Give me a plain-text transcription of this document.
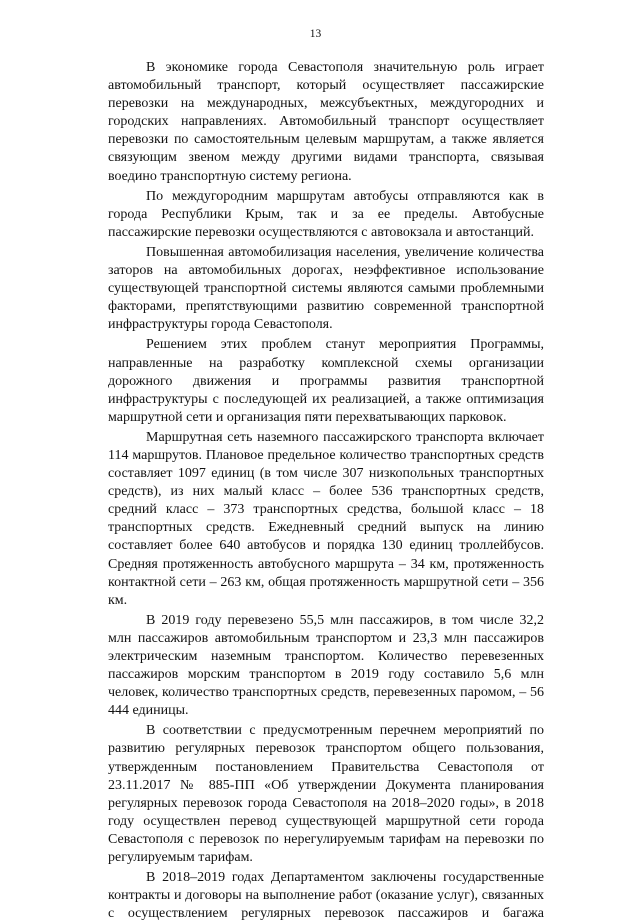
13

В экономике города Севастополя значительную роль играет автомобильный транспорт, который осуществляет пассажирские перевозки на международных, межсубъектных, междугородних и городских направлениях. Автомобильный транспорт осуществляет перевозки по самостоятельным целевым маршрутам, а также является связующим звеном между другими видами транспорта, связывая воедино транспортную систему региона.

По междугородним маршрутам автобусы отправляются как в города Республики Крым, так и за ее пределы. Автобусные пассажирские перевозки осуществляются с автовокзала и автостанций.

Повышенная автомобилизация населения, увеличение количества заторов на автомобильных дорогах, неэффективное использование существующей транспортной системы являются самыми проблемными факторами, препятствующими развитию современной транспортной инфраструктуры города Севастополя.

Решением этих проблем станут мероприятия Программы, направленные на разработку комплексной схемы организации дорожного движения и программы развития транспортной инфраструктуры с последующей их реализацией, а также оптимизация маршрутной сети и организация пяти перехватывающих парковок.

Маршрутная сеть наземного пассажирского транспорта включает 114 маршрутов. Плановое предельное количество транспортных средств составляет 1097 единиц (в том числе 307 низкопольных транспортных средств), из них малый класс – более 536 транспортных средств, средний класс – 373 транспортных средства, большой класс – 18 транспортных средств. Ежедневный средний выпуск на линию составляет более 640 автобусов и порядка 130 единиц троллейбусов. Средняя протяженность автобусного маршрута – 34 км, протяженность контактной сети – 263 км, общая протяженность маршрутной сети – 356 км.

В 2019 году перевезено 55,5 млн пассажиров, в том числе 32,2 млн пассажиров автомобильным транспортом и 23,3 млн пассажиров электрическим наземным транспортом. Количество перевезенных пассажиров морским транспортом в 2019 году составило 5,6 млн человек, количество транспортных средств, перевезенных паромом, – 56 444 единицы.

В соответствии с предусмотренным перечнем мероприятий по развитию регулярных перевозок транспортом общего пользования, утвержденным постановлением Правительства Севастополя от 23.11.2017 № 885-ПП «Об утверждении Документа планирования регулярных перевозок города Севастополя на 2018–2020 годы», в 2018 году осуществлен перевод существующей маршрутной сети города Севастополя с перевозок по нерегулируемым тарифам на перевозки по регулируемым тарифам.

В 2018–2019 годах Департаментом заключены государственные контракты и договоры на выполнение работ (оказание услуг), связанных с осуществлением регулярных перевозок пассажиров и багажа
